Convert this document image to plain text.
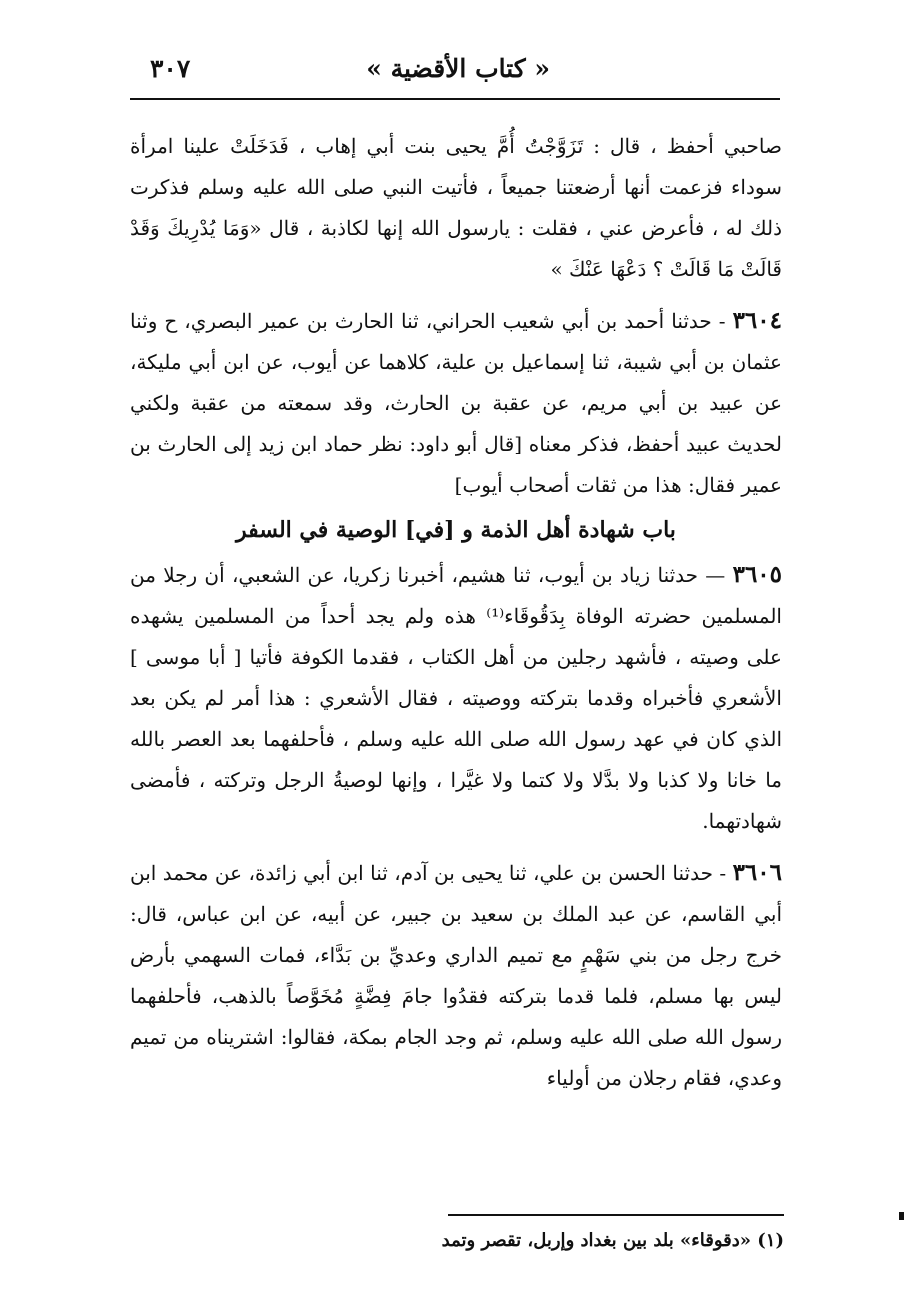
« كتاب الأقضية »
٣٠٧

صاحبي أحفظ ، قال : تَزَوَّجْتُ أُمَّ يحيى بنت أبي إهاب ، فَدَخَلَتْ علينا امرأة سوداء فزعمت أنها أرضعتنا جميعاً ، فأتيت النبي صلى الله عليه وسلم فذكرت ذلك له ، فأعرض عني ، فقلت : يارسول الله إنها لكاذبة ، قال «وَمَا يُدْرِيكَ وَقَدْ قَالَتْ مَا قَالَتْ ؟ دَعْهَا عَنْكَ »

٣٦٠٤ - حدثنا أحمد بن أبي شعيب الحراني، ثنا الحارث بن عمير البصري، ح وثنا عثمان بن أبي شيبة، ثنا إسماعيل بن علية، كلاهما عن أيوب، عن ابن أبي مليكة، عن عبيد بن أبي مريم، عن عقبة بن الحارث، وقد سمعته من عقبة ولكني لحديث عبيد أحفظ، فذكر معناه [قال أبو داود: نظر حماد ابن زيد إلى الحارث بن عمير فقال: هذا من ثقات أصحاب أيوب]

باب شهادة أهل الذمة و [في] الوصية في السفر

٣٦٠٥ — حدثنا زياد بن أيوب، ثنا هشيم، أخبرنا زكريا، عن الشعبي، أن رجلا من المسلمين حضرته الوفاة بِدَقُوقَاء⁽¹⁾ هذه ولم يجد أحداً من المسلمين يشهده على وصيته ، فأشهد رجلين من أهل الكتاب ، فقدما الكوفة فأتيا [ أبا موسى ] الأشعري فأخبراه وقدما بتركته ووصيته ، فقال الأشعري : هذا أمر لم يكن بعد الذي كان في عهد رسول الله صلى الله عليه وسلم ، فأحلفهما بعد العصر بالله ما خانا ولا كذبا ولا بدَّلا ولا كتما ولا غيَّرا ، وإنها لوصيةُ الرجل وتركته ، فأمضى شهادتهما.

٣٦٠٦ - حدثنا الحسن بن علي، ثنا يحيى بن آدم، ثنا ابن أبي زائدة، عن محمد ابن أبي القاسم، عن عبد الملك بن سعيد بن جبير، عن أبيه، عن ابن عباس، قال: خرج رجل من بني سَهْمٍ مع تميم الداري وعديِّ بن بَدَّاء، فمات السهمي بأرض ليس بها مسلم، فلما قدما بتركته فقدُوا جامَ فِضَّةٍ مُخَوَّصاً بالذهب، فأحلفهما رسول الله صلى الله عليه وسلم، ثم وجد الجام بمكة، فقالوا: اشتريناه من تميم وعدي، فقام رجلان من أولياء

(١) «دقوقاء» بلد بين بغداد وإربل، تقصر وتمد
